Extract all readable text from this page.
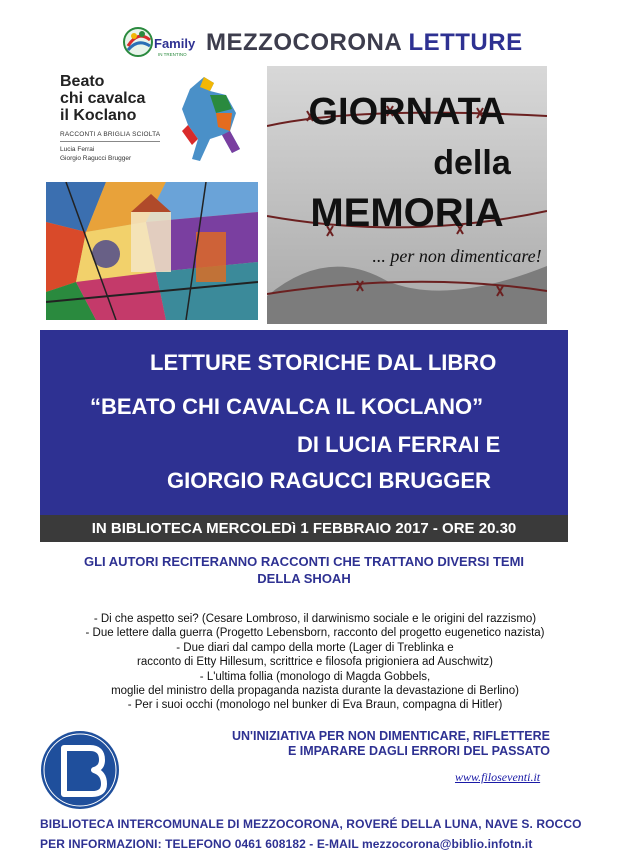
Family
IN TRENTINO MEZZOCORONA LETTURE
Beato
chi cavalca
il Koclano
RACCONTI A BRIGLIA SCIOLTA
Lucia Ferrai
Giorgio Ragucci Brugger
GIORNATA
della
MEMORIA
... per non dimenticare!
LETTURE STORICHE DAL LIBRO
“BEATO CHI CAVALCA IL KOCLANO”
DI LUCIA FERRAI E
GIORGIO RAGUCCI BRUGGER
IN BIBLIOTECA MERCOLEDì 1 FEBBRAIO 2017 - ORE 20.30
GLI AUTORI RECITERANNO RACCONTI CHE TRATTANO DIVERSI TEMI
DELLA SHOAH
- Di che aspetto sei? (Cesare Lombroso, il darwinismo sociale e le origini del razzismo)
- Due lettere dalla guerra (Progetto Lebensborn, racconto del progetto eugenetico nazista)
- Due diari dal campo della morte (Lager di Treblinka e
racconto di Etty Hillesum, scrittrice e filosofa prigioniera ad Auschwitz)
- L'ultima follia (monologo di Magda Gobbels,
moglie del ministro della propaganda nazista durante la devastazione di Berlino)
- Per i suoi occhi (monologo nel bunker di Eva Braun, compagna di Hitler)
UN'INIZIATIVA PER NON DIMENTICARE, RIFLETTERE
E IMPARARE DAGLI ERRORI DEL PASSATO
www.filoseventi.it
BIBLIOTECA INTERCOMUNALE DI MEZZOCORONA, ROVERÉ DELLA LUNA, NAVE S. ROCCO
PER INFORMAZIONI: TELEFONO 0461 608182 - E-MAIL mezzocorona@biblio.infotn.it
